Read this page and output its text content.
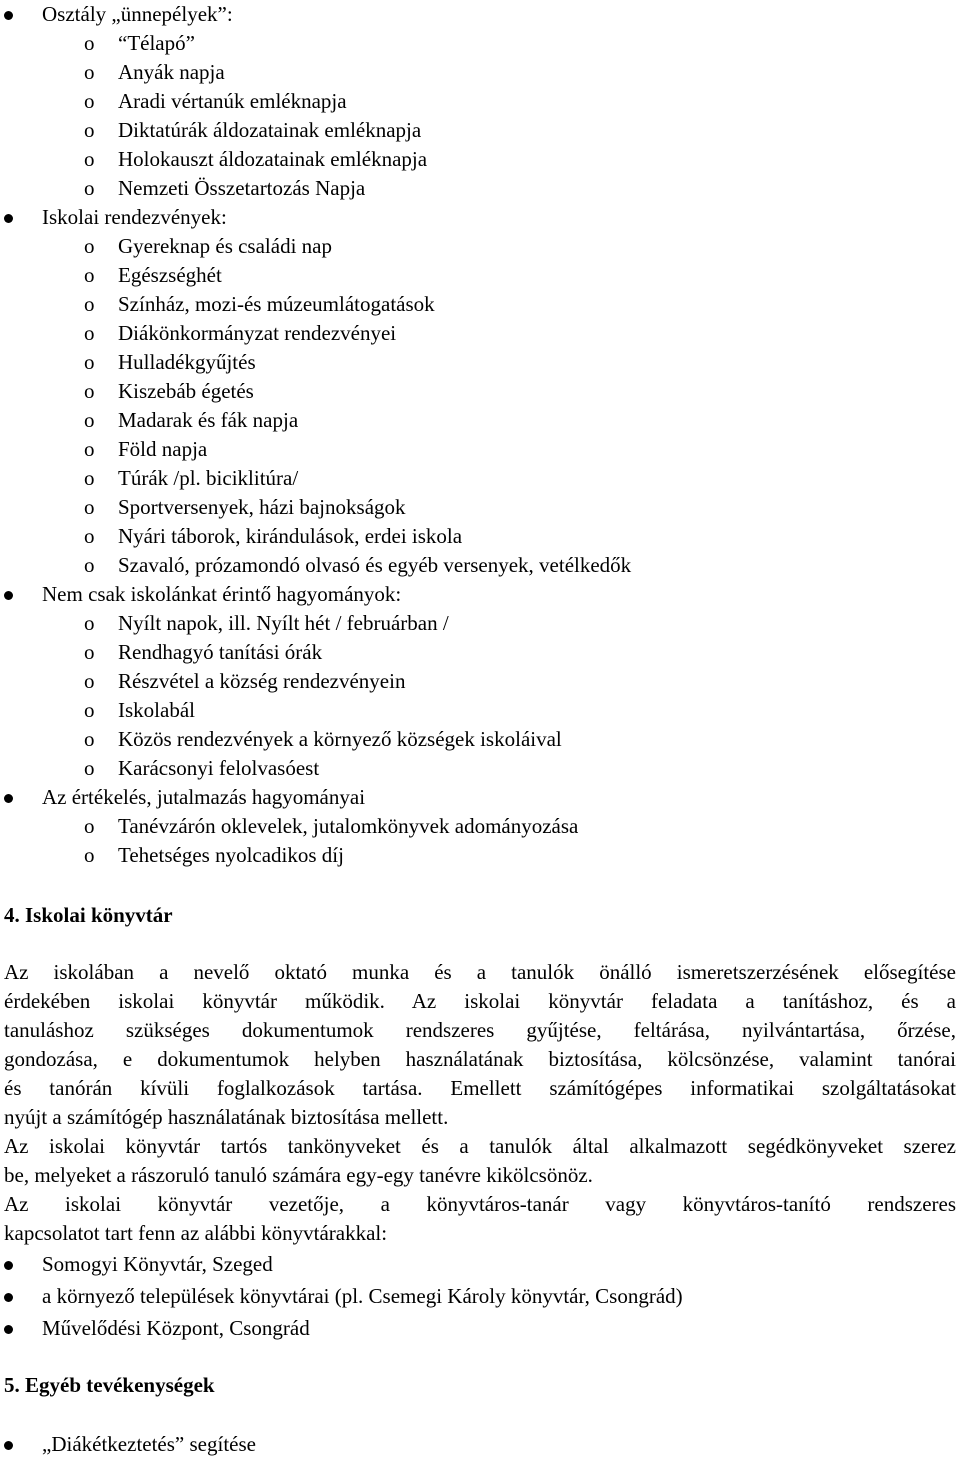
Osztály „ünnepélyek”:
o “Télapó”
o Anyák napja
o Aradi vértanúk emléknapja
o Diktatúrák áldozatainak emléknapja
o Holokauszt áldozatainak emléknapja
o Nemzeti Összetartozás Napja
Iskolai rendezvények:
o Gyereknap és családi nap
o Egészséghét
o Színház, mozi-és múzeumlátogatások
o Diákönkormányzat rendezvényei
o Hulladékgyűjtés
o Kiszebáb égetés
o Madarak és fák napja
o Föld napja
o Túrák /pl. biciklitúra/
o Sportversenyek, házi bajnokságok
o Nyári táborok, kirándulások, erdei iskola
o Szavaló, prózamondó olvasó és egyéb versenyek, vetélkedők
Nem csak iskolánkat érintő hagyományok:
o Nyílt napok, ill. Nyílt hét / februárban /
o Rendhagyó tanítási órák
o Részvétel a község rendezvényein
o Iskolabál
o Közös rendezvények a környező községek iskoláival
o Karácsonyi felolvasóest
Az értékelés, jutalmazás hagyományai
o Tanévzárón oklevelek, jutalomkönyvek adományozása
o Tehetséges nyolcadikos díj
4. Iskolai könyvtár
Az iskolában a nevelő oktató munka és a tanulók önálló ismeretszerzésének elősegítése
érdekében iskolai könyvtár működik. Az iskolai könyvtár feladata a tanításhoz, és a
tanuláshoz szükséges dokumentumok rendszeres gyűjtése, feltárása, nyilvántartása, őrzése,
gondozása, e dokumentumok helyben használatának biztosítása, kölcsönzése, valamint tanórai
és tanórán kívüli foglalkozások tartása. Emellett számítógépes informatikai szolgáltatásokat
nyújt a számítógép használatának biztosítása mellett.
Az iskolai könyvtár tartós tankönyveket és a tanulók által alkalmazott segédkönyveket szerez
be, melyeket a rászoruló tanuló számára egy-egy tanévre kikölcsönöz.
Az iskolai könyvtár vezetője, a könyvtáros-tanár vagy könyvtáros-tanító rendszeres
kapcsolatot tart fenn az alábbi könyvtárakkal:
Somogyi Könyvtár, Szeged
a környező települések könyvtárai (pl. Csemegi Károly könyvtár, Csongrád)
Művelődési Központ, Csongrád
5. Egyéb tevékenységek
„Diákétkeztetés” segítése
